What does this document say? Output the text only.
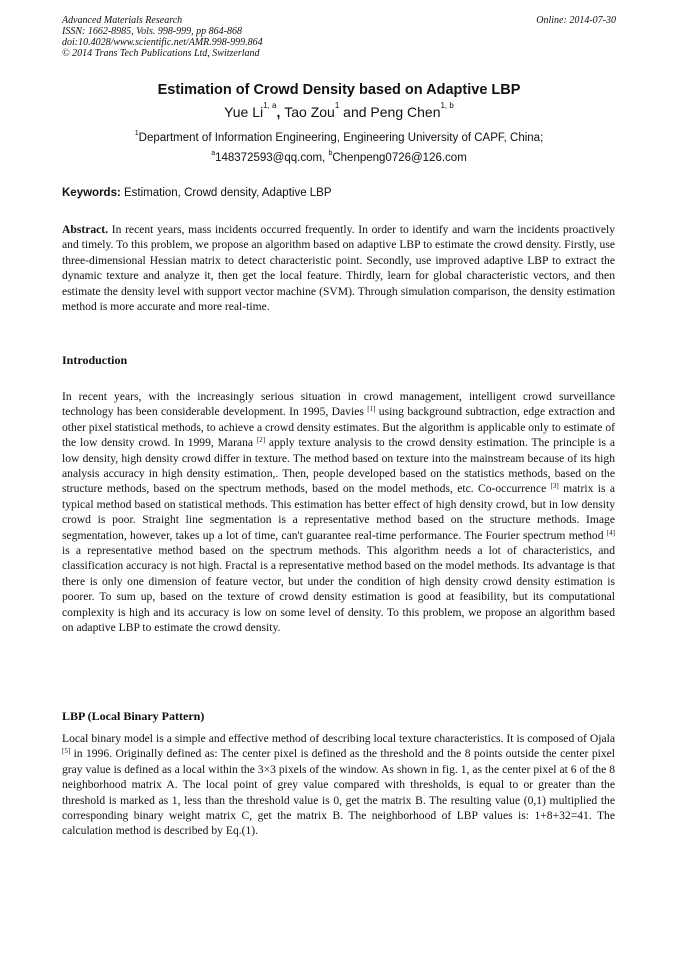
Advanced Materials Research
ISSN: 1662-8985, Vols. 998-999, pp 864-868
doi:10.4028/www.scientific.net/AMR.998-999.864
© 2014 Trans Tech Publications Ltd, Switzerland
Online: 2014-07-30
Estimation of Crowd Density based on Adaptive LBP
Yue Li$^{1, a}$, Tao Zou$^1$ and Peng Chen$^{1, b}$
$^1$Department of Information Engineering, Engineering University of CAPF, China;
$^a$148372593@qq.com, $^b$Chenpeng0726@126.com
Keywords: Estimation, Crowd density, Adaptive LBP

Abstract. In recent years, mass incidents occurred frequently. In order to identify and warn the incidents proactively and timely. To this problem, we propose an algorithm based on adaptive LBP to estimate the crowd density. Firstly, use three-dimensional Hessian matrix to detect characteristic point. Secondly, use improved adaptive LBP to extract the dynamic texture and analyze it, then get the local feature. Thirdly, learn for global characteristic vectors, and then estimate the density level with support vector machine (SVM). Through simulation comparison, the density estimation method is more accurate and more real-time.

Introduction

In recent years, with the increasingly serious situation in crowd management, intelligent crowd surveillance technology has been considerable development. In 1995, Davies [1] using background subtraction, edge extraction and other pixel statistical methods, to achieve a crowd density estimates. But the algorithm is applicable only to estimate of the low density crowd. In 1999, Marana [2] apply texture analysis to the crowd density estimation. The principle is a low density, high density crowd differ in texture. The method based on texture into the mainstream because of its high analysis accuracy in high density estimation,. Then, people developed based on the statistics methods, based on the structure methods, based on the spectrum methods, based on the model methods, etc. Co-occurrence [3] matrix is a typical method based on statistical methods. This estimation has better effect of high density crowd, but in low density crowd is poor. Straight line segmentation is a representative method based on the structure methods. Image segmentation, however, takes up a lot of time, can't guarantee real-time performance. The Fourier spectrum method [4] is a representative method based on the spectrum methods. This algorithm needs a lot of characteristics, and classification accuracy is not high. Fractal is a representative method based on the model methods. Its advantage is that there is only one dimension of feature vector, but under the condition of high density crowd density estimation is poorer. To sum up, based on the texture of crowd density estimation is good at feasibility, but its computational complexity is high and its accuracy is low on some level of density. To this problem, we propose an algorithm based on adaptive LBP to estimate the crowd density.

LBP (Local Binary Pattern)

Local binary model is a simple and effective method of describing local texture characteristics. It is composed of Ojala [5] in 1996. Originally defined as: The center pixel is defined as the threshold and the 8 points outside the center pixel gray value is defined as a local within the 3×3 pixels of the window. As shown in fig. 1, as the center pixel at 6 of the 8 neighborhood matrix A. The local point of grey value compared with thresholds, is equal to or greater than the threshold is marked as 1, less than the threshold value is 0, get the matrix B. The resulting value (0,1) multiplied the corresponding binary weight matrix C, get the matrix B. The neighborhood of LBP values is: 1+8+32=41. The calculation method is described by Eq.(1).
